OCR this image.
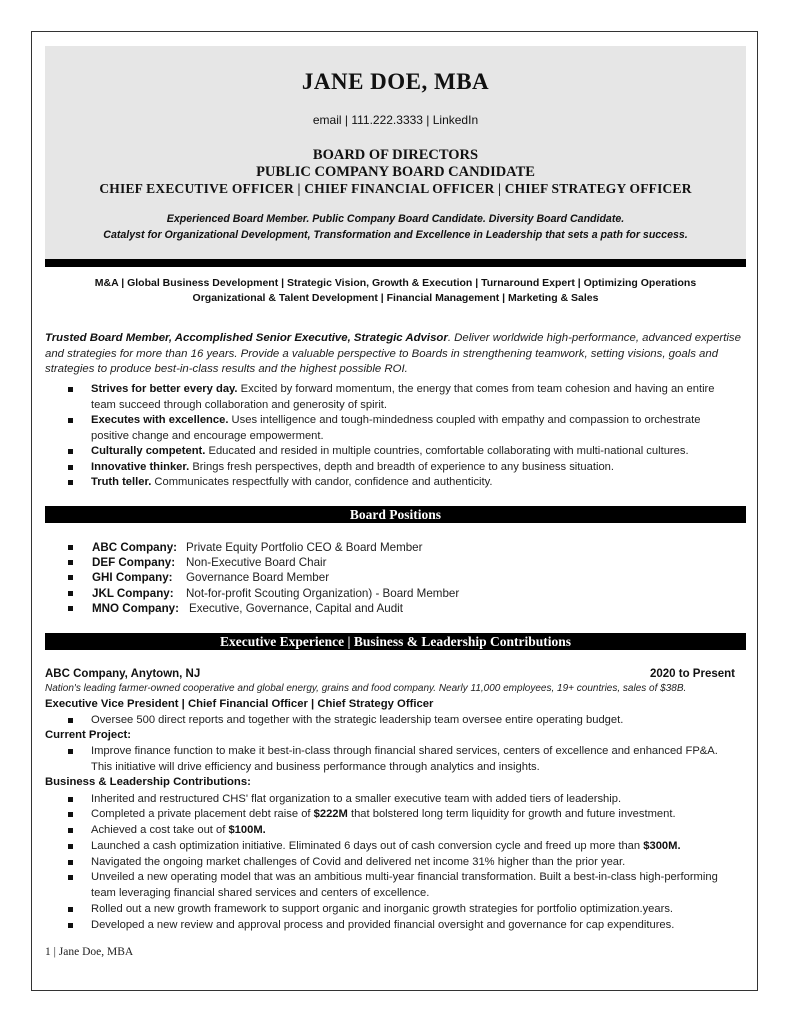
JANE DOE, MBA
email | 111.222.3333 | LinkedIn
BOARD OF DIRECTORS
PUBLIC COMPANY BOARD CANDIDATE
CHIEF EXECUTIVE OFFICER | CHIEF FINANCIAL OFFICER | CHIEF STRATEGY OFFICER
Experienced Board Member. Public Company Board Candidate. Diversity Board Candidate.
Catalyst for Organizational Development, Transformation and Excellence in Leadership that sets a path for success.
M&A | Global Business Development | Strategic Vision, Growth & Execution | Turnaround Expert | Optimizing Operations
Organizational & Talent Development | Financial Management | Marketing & Sales
Trusted Board Member, Accomplished Senior Executive, Strategic Advisor. Deliver worldwide high-performance, advanced expertise and strategies for more than 16 years. Provide a valuable perspective to Boards in strengthening teamwork, setting visions, goals and strategies to produce best-in-class results and the highest possible ROI.
Strives for better every day. Excited by forward momentum, the energy that comes from team cohesion and having an entire team succeed through collaboration and generosity of spirit.
Executes with excellence. Uses intelligence and tough-mindedness coupled with empathy and compassion to orchestrate positive change and encourage empowerment.
Culturally competent. Educated and resided in multiple countries, comfortable collaborating with multi-national cultures.
Innovative thinker. Brings fresh perspectives, depth and breadth of experience to any business situation.
Truth teller. Communicates respectfully with candor, confidence and authenticity.
Board Positions
ABC Company: Private Equity Portfolio CEO & Board Member
DEF Company: Non-Executive Board Chair
GHI Company: Governance Board Member
JKL Company: Not-for-profit Scouting Organization) - Board Member
MNO Company: Executive, Governance, Capital and Audit
Executive Experience | Business & Leadership Contributions
ABC Company, Anytown, NJ	2020 to Present
Nation's leading farmer-owned cooperative and global energy, grains and food company. Nearly 11,000 employees, 19+ countries, sales of $38B.
Executive Vice President | Chief Financial Officer | Chief Strategy Officer
Oversee 500 direct reports and together with the strategic leadership team oversee entire operating budget.
Current Project:
Improve finance function to make it best-in-class through financial shared services, centers of excellence and enhanced FP&A. This initiative will drive efficiency and business performance through analytics and insights.
Business & Leadership Contributions:
Inherited and restructured CHS' flat organization to a smaller executive team with added tiers of leadership.
Completed a private placement debt raise of $222M that bolstered long term liquidity for growth and future investment.
Achieved a cost take out of $100M.
Launched a cash optimization initiative. Eliminated 6 days out of cash conversion cycle and freed up more than $300M.
Navigated the ongoing market challenges of Covid and delivered net income 31% higher than the prior year.
Unveiled a new operating model that was an ambitious multi-year financial transformation. Built a best-in-class high-performing team leveraging financial shared services and centers of excellence.
Rolled out a new growth framework to support organic and inorganic growth strategies for portfolio optimization.years.
Developed a new review and approval process and provided financial oversight and governance for cap expenditures.
1 | Jane Doe, MBA
